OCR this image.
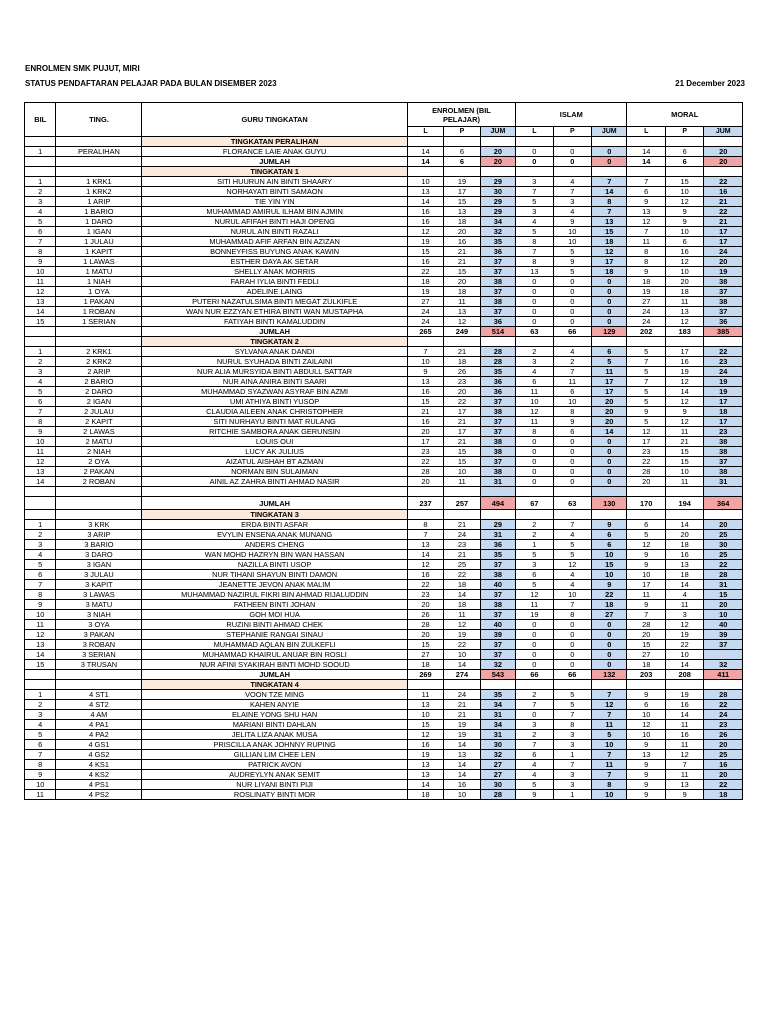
ENROLMEN SMK PUJUT, MIRI
STATUS PENDAFTARAN PELAJAR PADA BULAN DISEMBER 2023	21 December 2023
BIL	TING.	GURU TINGKATAN	ENROLMEN (BIL PELAJAR)			ISLAM			MORAL		
			L	P	JUM	L	P	JUM	L	P	JUM
		TINGKATAN PERALIHAN									
1	PERALIHAN	FLORANCE LAIE ANAK GUYU	14	6	20	0	0	0	14	6	20
		JUMLAH	14	6	20	0	0	0	14	6	20
		TINGKATAN 1									
1	1 KRK1	SITI HUURUN AIN BINTI SHAARY	10	19	29	3	4	7	7	15	22
2	1 KRK2	NORHAYATI BINTI SAMAON	13	17	30	7	7	14	6	10	16
3	1 ARIP	TIE YIN YIN	14	15	29	5	3	8	9	12	21
4	1 BARIO	MUHAMMAD AMIRUL ILHAM BIN AJMIN	16	13	29	3	4	7	13	9	22
5	1 DARO	NURUL AFIFAH BINTI HAJI OPENG	16	18	34	4	9	13	12	9	21
6	1 IGAN	NURUL AIN BINTI RAZALI	12	20	32	5	10	15	7	10	17
7	1 JULAU	MUHAMMAD AFIF ARFAN BIN AZIZAN	19	16	35	8	10	18	11	6	17
8	1 KAPIT	BONNEYFISS BUYUNG ANAK KAWIN	15	21	36	7	5	12	8	16	24
9	1 LAWAS	ESTHER DAYA AK SETAR	16	21	37	8	9	17	8	12	20
10	1 MATU	SHELLY ANAK MORRIS	22	15	37	13	5	18	9	10	19
11	1 NIAH	FARAH IYLIA BINTI FEDLI	18	20	38	0	0	0	18	20	38
12	1 OYA	ADELINE LAING	19	18	37	0	0	0	19	18	37
13	1 PAKAN	PUTERI NAZATULSIMA BINTI MEGAT ZULKIFLE	27	11	38	0	0	0	27	11	38
14	1 ROBAN	WAN NUR EZZYAN ETHIRA BINTI WAN MUSTAPHA	24	13	37	0	0	0	24	13	37
15	1 SERIAN	FATIYAH BINTI KAMALUDDIN	24	12	36	0	0	0	24	12	36
		JUMLAH	265	249	514	63	66	129	202	183	385
		TINGKATAN 2									
1	2 KRK1	SYLVANA ANAK DANDI	7	21	28	2	4	6	5	17	22
2	2 KRK2	NURUL SYUHADA BINTI ZAILAINI	10	18	28	3	2	5	7	16	23
3	2 ARIP	NUR ALIA MURSYIDA BINTI ABDULL SATTAR	9	26	35	4	7	11	5	19	24
4	2 BARIO	NUR AINA ANIRA BINTI SAARI	13	23	36	6	11	17	7	12	19
5	2 DARO	MUHAMMAD SYAZWAN ASYRAF BIN AZMI	16	20	36	11	6	17	5	14	19
6	2 IGAN	UMI ATHIYA BINTI YUSOP	15	22	37	10	10	20	5	12	17
7	2 JULAU	CLAUDIA AILEEN ANAK CHRISTOPHER	21	17	38	12	8	20	9	9	18
8	2 KAPIT	SITI NURHAYU BINTI MAT RULANG	16	21	37	11	9	20	5	12	17
9	2 LAWAS	RITCHIE SAMBORA ANAK GERUNSIN	20	17	37	8	6	14	12	11	23
10	2 MATU	LOUIS OUI	17	21	38	0	0	0	17	21	38
11	2 NIAH	LUCY AK JULIUS	23	15	38	0	0	0	23	15	38
12	2 OYA	AIZATUL AISHAH BT AZMAN	22	15	37	0	0	0	22	15	37
13	2 PAKAN	NORMAN BIN SULAIMAN	28	10	38	0	0	0	28	10	38
14	2 ROBAN	AINIL AZ ZAHRA BINTI AHMAD NASIR	20	11	31	0	0	0	20	11	31

		JUMLAH	237	257	494	67	63	130	170	194	364
		TINGKATAN 3									
1	3 KRK	ERDA BINTI ASFAR	8	21	29	2	7	9	6	14	20
2	3 ARIP	EVYLIN ENSENA ANAK MUNANG	7	24	31	2	4	6	5	20	25
3	3 BARIO	ANDERS CHENG	13	23	36	1	5	6	12	18	30
4	3 DARO	WAN MOHD HAZRYN BIN WAN HASSAN	14	21	35	5	5	10	9	16	25
5	3 IGAN	NAZILLA BINTI USOP	12	25	37	3	12	15	9	13	22
6	3 JULAU	NUR TIHANI SHAYUN BINTI DAMON	16	22	38	6	4	10	10	18	28
7	3 KAPIT	JEANETTE JEVON ANAK MALIM	22	18	40	5	4	9	17	14	31
8	3 LAWAS	MUHAMMAD NAZIRUL FIKRI BIN AHMAD RIJALUDDIN	23	14	37	12	10	22	11	4	15
9	3 MATU	FATHEEN BINTI JOHAN	20	18	38	11	7	18	9	11	20
10	3 NIAH	GOH MOI HUA	26	11	37	19	8	27	7	3	10
11	3 OYA	RUZINI BINTI AHMAD CHEK	28	12	40	0	0	0	28	12	40
12	3 PAKAN	STEPHANIE RANGAI SINAU	20	19	39	0	0	0	20	19	39
13	3 ROBAN	MUHAMMAD AQLAN BIN ZULKEFLI	15	22	37	0	0	0	15	22	37
14	3 SERIAN	MUHAMMAD KHAIRUL ANUAR BIN ROSLI	27	10	37	0	0	0	27	10	
15	3 TRUSAN	NUR AFINI SYAKIRAH BINTI MOHD SOOUD	18	14	32	0	0	0	18	14	32
		JUMLAH	269	274	543	66	66	132	203	208	411
		TINGKATAN 4									
1	4 ST1	VOON TZE MING	11	24	35	2	5	7	9	19	28
2	4 ST2	KAHEN ANYIE	13	21	34	7	5	12	6	16	22
3	4 AM	ELAINE YONG SHU HAN	10	21	31	0	7	7	10	14	24
4	4 PA1	MARIANI BINTI DAHLAN	15	19	34	3	8	11	12	11	23
5	4 PA2	JELITA LIZA ANAK MUSA	12	19	31	2	3	5	10	16	26
6	4 GS1	PRISCILLA ANAK JOHNNY RUPING	16	14	30	7	3	10	9	11	20
7	4 GS2	GILLIAN LIM CHEE LEN	19	13	32	6	1	7	13	12	25
8	4 KS1	PATRICK AVON	13	14	27	4	7	11	9	7	16
9	4 KS2	AUDREYLYN ANAK SEMIT	13	14	27	4	3	7	9	11	20
10	4 PS1	NUR LIYANI BINTI PIJI	14	16	30	5	3	8	9	13	22
11	4 PS2	ROSLINATY BINTI MOR	18	10	28	9	1	10	9	9	18
